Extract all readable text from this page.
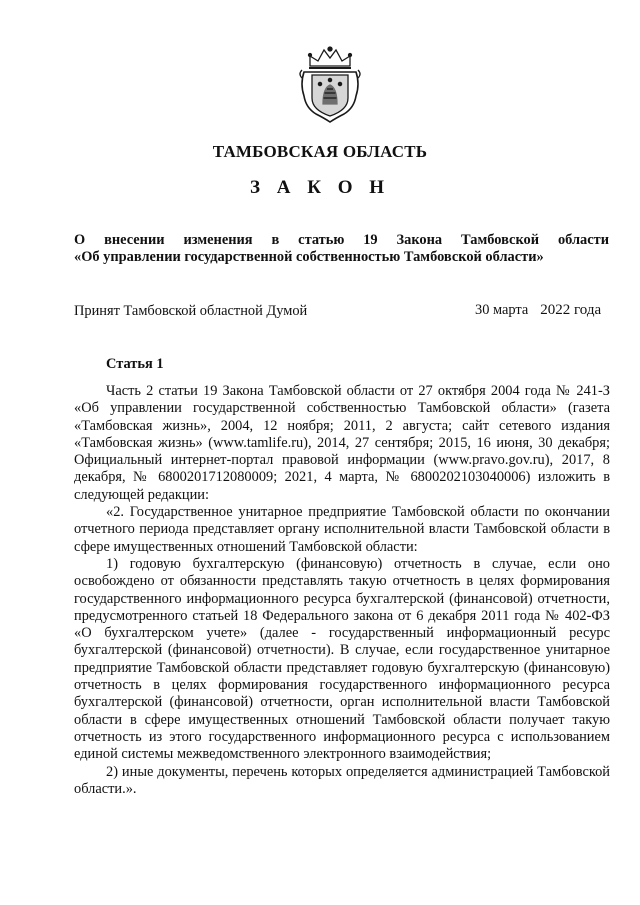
ТАМБОВСКАЯ ОБЛАСТЬ
З А К О Н
О внесении изменения в статью 19 Закона Тамбовской области
«Об управлении государственной собственностью Тамбовской области»
Принят Тамбовской областной Думой	30 марта 2022 года
Статья 1

Часть 2 статьи 19 Закона Тамбовской области от 27 октября 2004 года № 241-З «Об управлении государственной собственностью Тамбовской области» (газета «Тамбовская жизнь», 2004, 12 ноября; 2011, 2 августа; сайт сетевого издания «Тамбовская жизнь» (www.tamlife.ru), 2014, 27 сентября; 2015, 16 июня, 30 декабря; Официальный интернет-портал правовой информации (www.pravo.gov.ru), 2017, 8 декабря, № 6800201712080009; 2021, 4 марта, № 6800202103040006) изложить в следующей редакции:

«2. Государственное унитарное предприятие Тамбовской области по окончании отчетного периода представляет органу исполнительной власти Тамбовской области в сфере имущественных отношений Тамбовской области:

1) годовую бухгалтерскую (финансовую) отчетность в случае, если оно освобождено от обязанности представлять такую отчетность в целях формирования государственного информационного ресурса бухгалтерской (финансовой) отчетности, предусмотренного статьей 18 Федерального закона от 6 декабря 2011 года № 402-ФЗ «О бухгалтерском учете» (далее - государственный информационный ресурс бухгалтерской (финансовой) отчетности). В случае, если государственное унитарное предприятие Тамбовской области представляет годовую бухгалтерскую (финансовую) отчетность в целях формирования государственного информационного ресурса бухгалтерской (финансовой) отчетности, орган исполнительной власти Тамбовской области в сфере имущественных отношений Тамбовской области получает такую отчетность из этого государственного информационного ресурса с использованием единой системы межведомственного электронного взаимодействия;

2) иные документы, перечень которых определяется администрацией Тамбовской области.».
